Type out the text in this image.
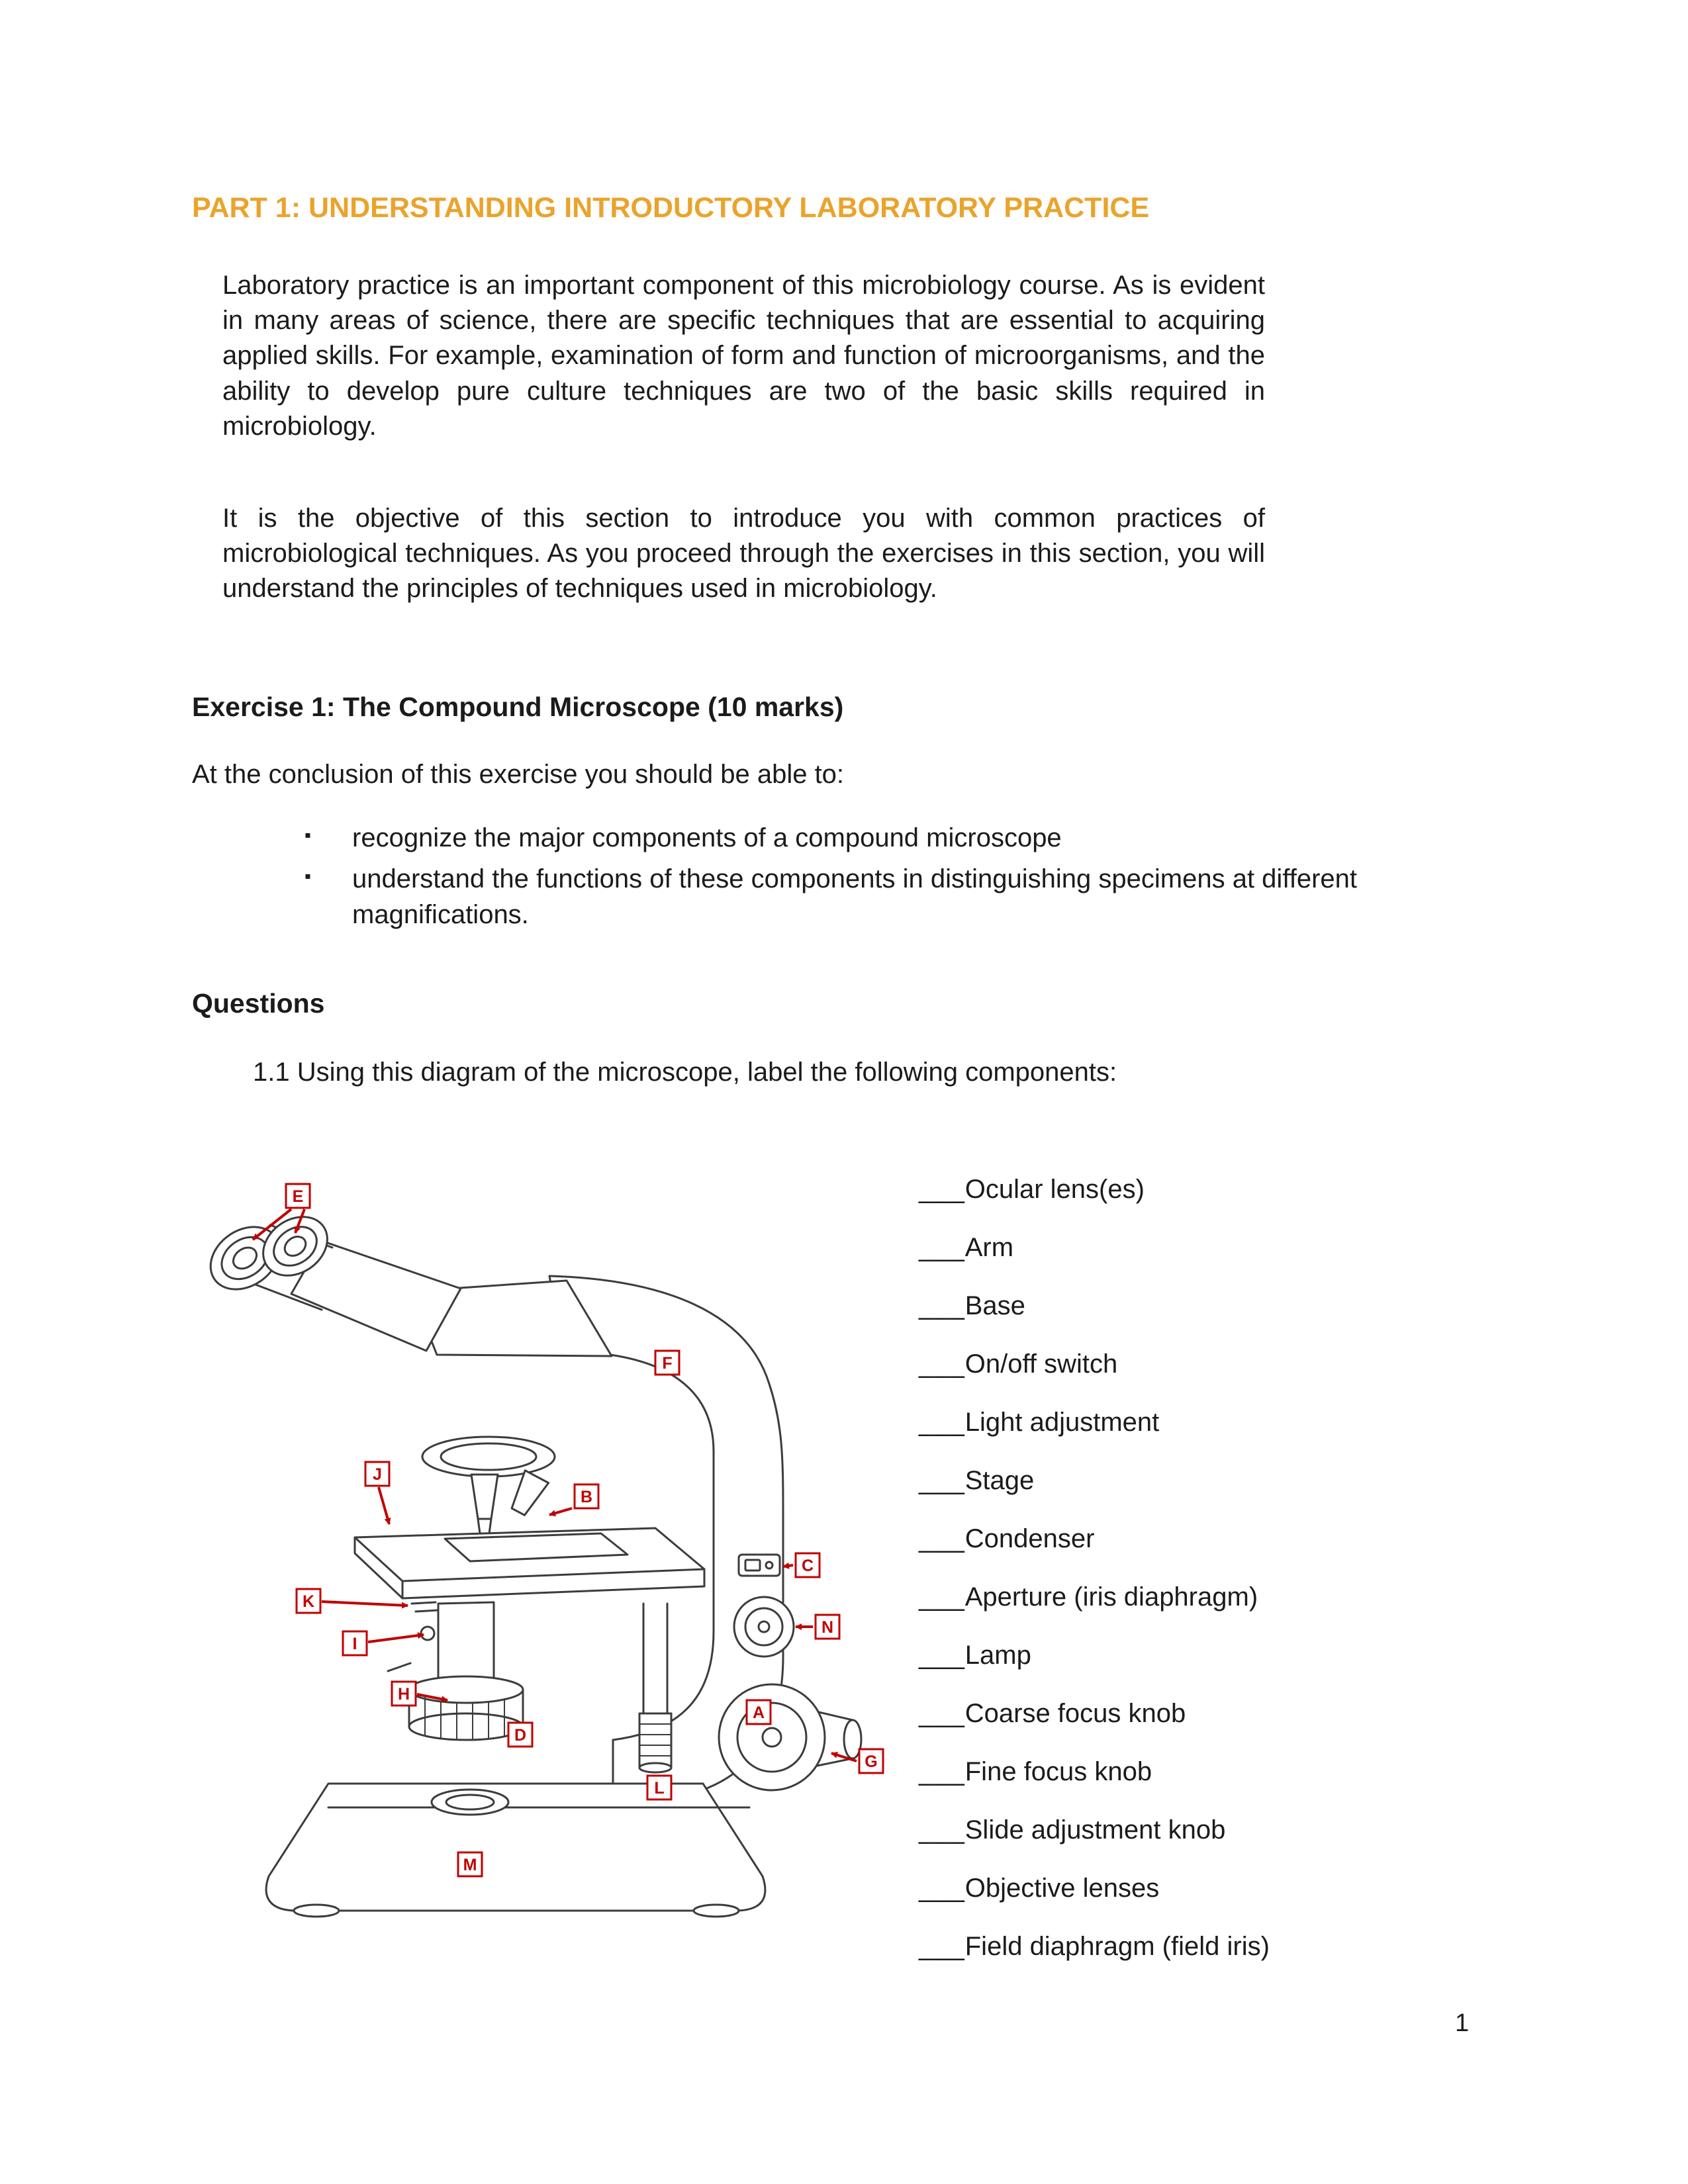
PART 1: UNDERSTANDING INTRODUCTORY LABORATORY PRACTICE

Laboratory practice is an important component of this microbiology course. As is evident in many areas of science, there are specific techniques that are essential to acquiring applied skills. For example, examination of form and function of microorganisms, and the ability to develop pure culture techniques are two of the basic skills required in microbiology.

It is the objective of this section to introduce you with common practices of microbiological techniques. As you proceed through the exercises in this section, you will understand the principles of techniques used in microbiology.

Exercise 1: The Compound Microscope (10 marks)

At the conclusion of this exercise you should be able to:

▪ recognize the major components of a compound microscope
▪ understand the functions of these components in distinguishing specimens at different magnifications.
Questions

1.1 Using this diagram of the microscope, label the following components:

E
F
J
B
C
K
I
N
H
A
D
G
L
M
___Ocular lens(es)
___Arm
___Base
___On/off switch
___Light adjustment
___Stage
___Condenser
___Aperture (iris diaphragm)
___Lamp
___Coarse focus knob
___Fine focus knob
___Slide adjustment knob
___Objective lenses
___Field diaphragm (field iris)
1
